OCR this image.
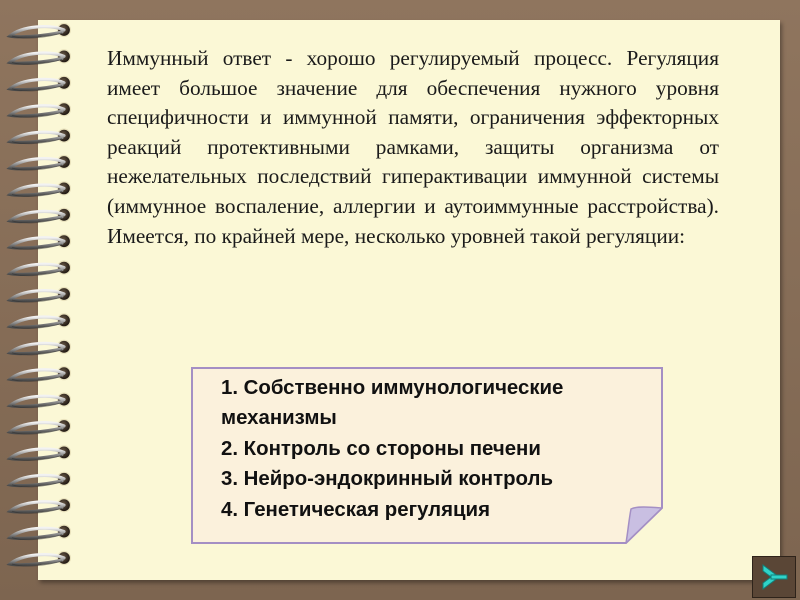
Иммунный ответ - хорошо регулируемый процесс. Регуляция имеет большое значение для обеспечения нужного уровня специфичности и иммунной памяти, ограничения эффекторных реакций протективными рамками, защиты организма от нежелательных последствий гиперактивации иммунной системы (иммунное воспаление, аллергии и аутоиммунные расстройства). Имеется, по крайней мере, несколько уровней такой регуляции:

1. Собственно иммунологические механизмы
2. Контроль со стороны печени
3. Нейро-эндокринный контроль
4. Генетическая регуляция
